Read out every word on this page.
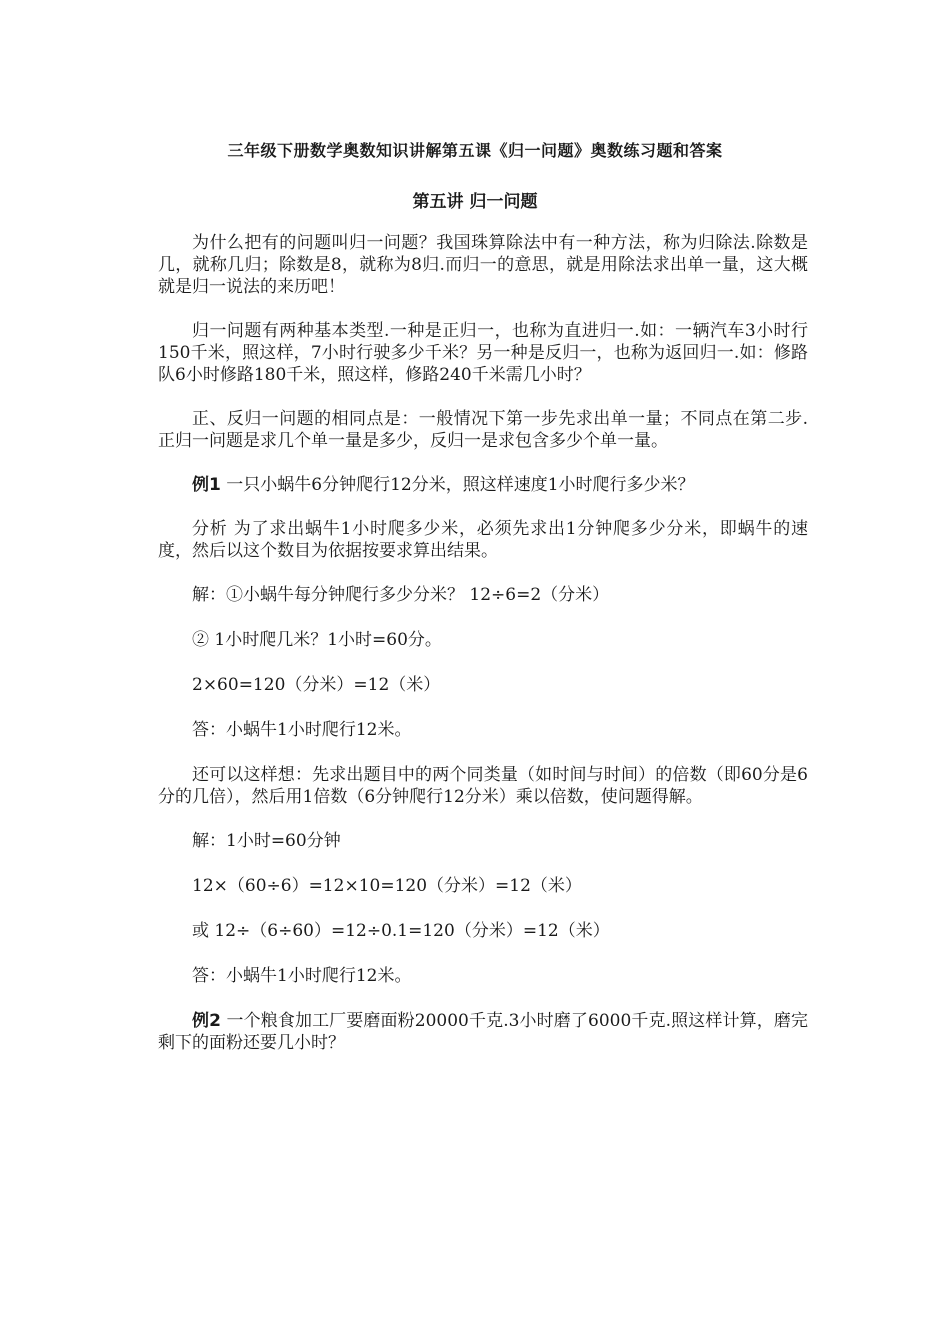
三年级下册数学奥数知识讲解第五课《归一问题》奥数练习题和答案
第五讲 归一问题

为什么把有的问题叫归一问题？我国珠算除法中有一种方法，称为归除法.除数是几，就称几归；除数是8，就称为8归.而归一的意思，就是用除法求出单一量，这大概就是归一说法的来历吧！

归一问题有两种基本类型.一种是正归一，也称为直进归一.如：一辆汽车3小时行150千米，照这样，7小时行驶多少千米？另一种是反归一，也称为返回归一.如：修路队6小时修路180千米，照这样，修路240千米需几小时？

正、反归一问题的相同点是：一般情况下第一步先求出单一量；不同点在第二步.正归一问题是求几个单一量是多少，反归一是求包含多少个单一量。

例1 一只小蜗牛6分钟爬行12分米，照这样速度1小时爬行多少米？

分析 为了求出蜗牛1小时爬多少米，必须先求出1分钟爬多少分米，即蜗牛的速度，然后以这个数目为依据按要求算出结果。

解：①小蜗牛每分钟爬行多少分米？ 12÷6=2（分米）

② 1小时爬几米？1小时=60分。

2×60=120（分米）=12（米）

答：小蜗牛1小时爬行12米。

还可以这样想：先求出题目中的两个同类量（如时间与时间）的倍数（即60分是6分的几倍），然后用1倍数（6分钟爬行12分米）乘以倍数，使问题得解。

解：1小时=60分钟

12×（60÷6）=12×10=120（分米）=12（米）

或 12÷（6÷60）=12÷0.1=120（分米）=12（米）

答：小蜗牛1小时爬行12米。

例2 一个粮食加工厂要磨面粉20000千克.3小时磨了6000千克.照这样计算，磨完剩下的面粉还要几小时？
